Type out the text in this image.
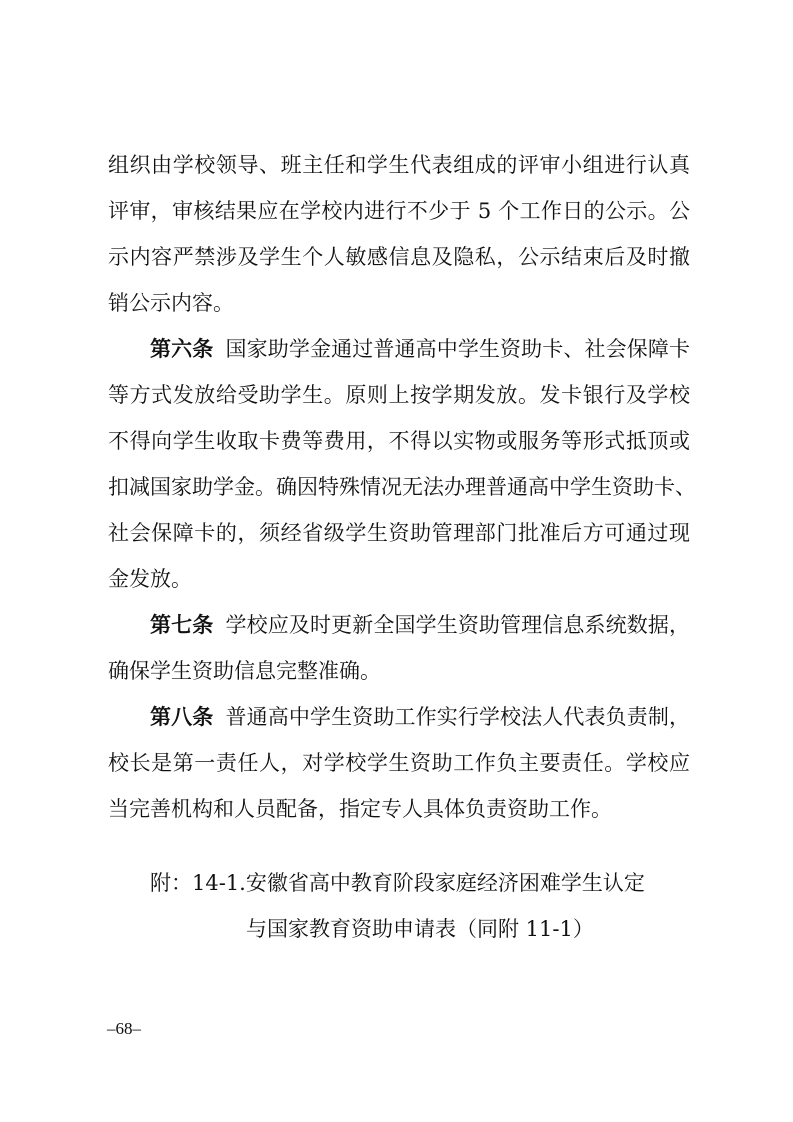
组织由学校领导、班主任和学生代表组成的评审小组进行认真
评审，审核结果应在学校内进行不少于 5 个工作日的公示。公
示内容严禁涉及学生个人敏感信息及隐私，公示结束后及时撤
销公示内容。
第六条 国家助学金通过普通高中学生资助卡、社会保障卡
等方式发放给受助学生。原则上按学期发放。发卡银行及学校
不得向学生收取卡费等费用，不得以实物或服务等形式抵顶或
扣减国家助学金。确因特殊情况无法办理普通高中学生资助卡、
社会保障卡的，须经省级学生资助管理部门批准后方可通过现
金发放。
第七条 学校应及时更新全国学生资助管理信息系统数据，
确保学生资助信息完整准确。
第八条 普通高中学生资助工作实行学校法人代表负责制，
校长是第一责任人，对学校学生资助工作负主要责任。学校应
当完善机构和人员配备，指定专人具体负责资助工作。
附：14-1.安徽省高中教育阶段家庭经济困难学生认定
与国家教育资助申请表（同附 11-1）
–68–
